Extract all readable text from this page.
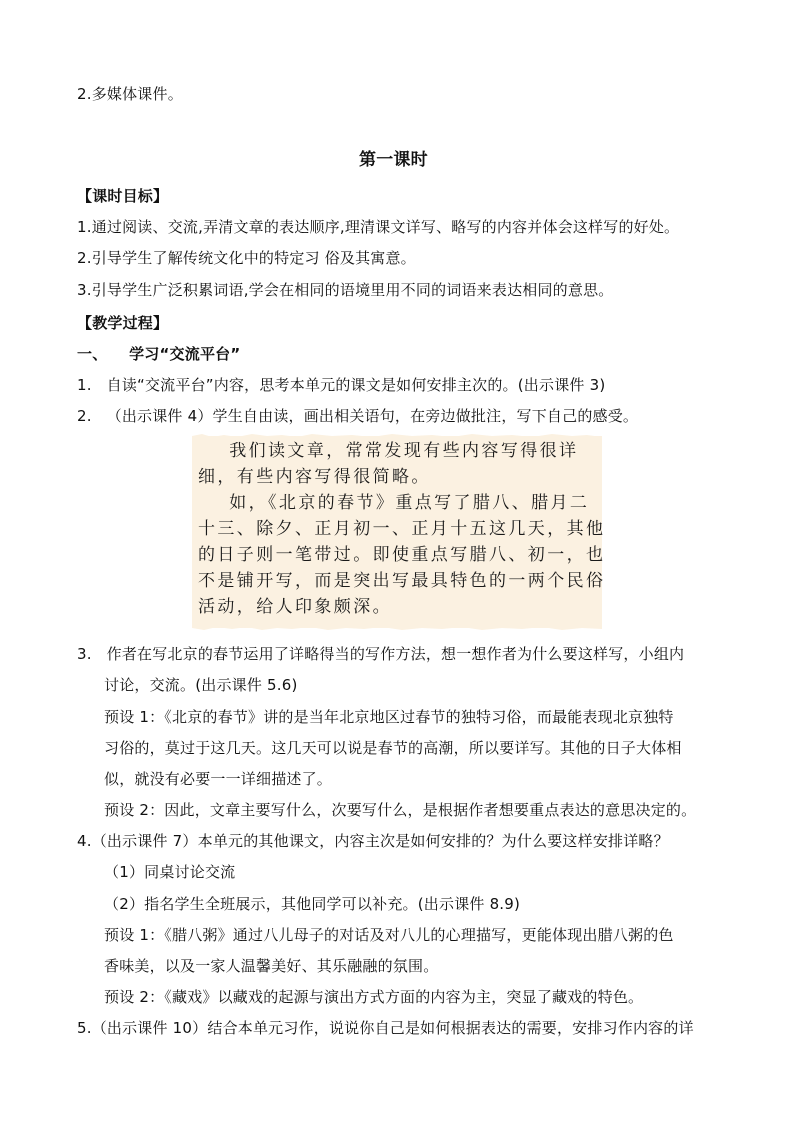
2.多媒体课件。
第一课时
【课时目标】
1.通过阅读、交流,弄清文章的表达顺序,理清课文详写、略写的内容并体会这样写的好处。
2.引导学生了解传统文化中的特定习 俗及其寓意。
3.引导学生广泛积累词语,学会在相同的语境里用不同的词语来表达相同的意思。
【教学过程】
一、    学习“交流平台”
1.   自读“交流平台”内容，思考本单元的课文是如何安排主次的。(出示课件 3)
2.   （出示课件 4）学生自由读，画出相关语句，在旁边做批注，写下自己的感受。
我们读文章，常常发现有些内容写得很详
细，有些内容写得很简略。
如，《北京的春节》重点写了腊八、腊月二
十三、除夕、正月初一、正月十五这几天，其他
的日子则一笔带过。即使重点写腊八、初一，也
不是铺开写，而是突出写最具特色的一两个民俗
活动，给人印象颇深。
3.   作者在写北京的春节运用了详略得当的写作方法，想一想作者为什么要这样写，小组内
讨论，交流。(出示课件 5.6)
预设 1：《北京的春节》讲的是当年北京地区过春节的独特习俗，而最能表现北京独特
习俗的，莫过于这几天。这几天可以说是春节的高潮，所以要详写。其他的日子大体相
似，就没有必要一一详细描述了。
预设 2：因此，文章主要写什么，次要写什么，是根据作者想要重点表达的意思决定的。
4.（出示课件 7）本单元的其他课文，内容主次是如何安排的？为什么要这样安排详略？
（1）同桌讨论交流
（2）指名学生全班展示，其他同学可以补充。(出示课件 8.9)
预设 1：《腊八粥》通过八儿母子的对话及对八儿的心理描写，更能体现出腊八粥的色
香味美，以及一家人温馨美好、其乐融融的氛围。
预设 2：《藏戏》以藏戏的起源与演出方式方面的内容为主，突显了藏戏的特色。
5.（出示课件 10）结合本单元习作，说说你自己是如何根据表达的需要，安排习作内容的详
